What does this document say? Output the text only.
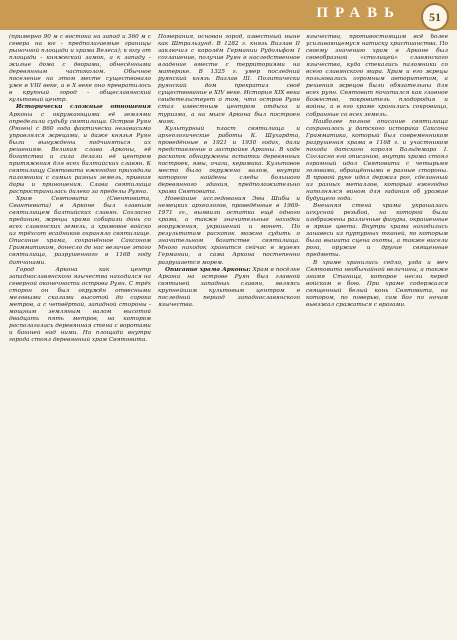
ПРАВЬ	51

(примерно 90 м с востока на запад и 360 м с севера на юг - предполагаемые границы рыночной площади и храма Велеса); к югу от площади - княжеский замок, а к западу - жилые дома с дворами, обнесёнными деревянным частоколом. Обычное поселение на этом месте существовало уже в VIII веке, а в X веке оно превратилось в крупный город - общеславянский культовый центр.

Исторически сложные отношения Арконы с окружающими её землями определили судьбу святилища. Остров Руян (Рюген) с 860 года фактически независимо управлялся жрецами, и даже князья Руян были вынуждены подчиняться их решениям. Великая слава Арконы, её богатства и сила делали её центром притяжения для всех балтийских славян. К святилищу Святовита ежегодно приходили паломники с самых разных земель, привозя дары и приношения. Слава святилища распространилась далеко за пределы Руяна.

Храм Святовита (Свентовита, Свантевита) в Арконе был главным святилищем балтийских славян. Согласно преданию, жрецы храма собирали дань со всех славянских земель, а храмовое войско из трёхсот всадников охраняло святилище. Описание храма, сохранённое Саксоном Грамматиком, донесло до нас величие этого святилища, разрушенного в 1168 году датчанами.

Город Аркона как центр западнославянского язычества находился на северной оконечности острова Руян. С трёх сторон он был окружён отвесными меловыми скалами высотой до сорока метров, а с четвёртой, западной стороны - мощным земляным валом высотой двадцать пять метров, на котором располагалась деревянная стена с воротами и башней над ними. На площади внутри города стоял деревянный храм Святовита.

Померания, основан город, известный ныне как Штральзунд. В 1282 г. князь Визлав II заключил с королём Германии Рудольфом I соглашение, получив Руян в наследственное владение вместе с территориями на материке. В 1325 г. умер последний руянский князь Визлав III. Политически руянский дом прекратил своё существование в XIV веке. История XIX века свидетельствует о том, что остров Руян стал известным центром отдыха и туризма, а на мысе Аркона был построен маяк.

Культурный пласт святилища и археологические работы К. Шухардта, проведённые в 1921 и 1930 годах, дали представление о застройке Арконы. В ходе раскопок обнаружены остатки деревянных построек, ямы, очаги, керамика. Культовое место было окружено валом, внутри которого найдены следы большого деревянного здания, предположительно храма Святовита.

Новейшие исследования Эвы Шибы и немецких археологов, проведённые в 1969-1971 гг., выявили остатки ещё одного храма, а также значительные находки вооружения, украшений и монет. По результатам раскопок можно судить о значительном богатстве святилища. Много находок хранится сейчас в музеях Германии, а сама Аркона постепенно разрушается морем.

Описание храма Арконы: Храм в посёлке Аркона на острове Руян был главной святыней западных славян, являясь крупнейшим культовым центром в последний период западнославянского язычества.

язычества, противостоящим всё более усиливающемуся натиску христианства. По своему значению храм в Арконе был своеобразной «столицей» славянского язычества, куда стекались паломники со всего славянского мира. Храм и его жрецы пользовались огромным авторитетом, а решения жрецов были обязательны для всех руян. Святовит почитался как главное божество, покровитель плодородия и войны, а в его храме хранились сокровища, собранные со всех земель.

Наиболее полное описание святилища сохранилось у датского историка Саксона Грамматика, который был современником разрушения храма в 1168 г. и участником похода датского короля Вальдемара I. Согласно его описанию, внутри храма стоял огромный идол Святовита с четырьмя головами, обращёнными в разные стороны. В правой руке идол держал рог, сделанный из разных металлов, который ежегодно наполнялся вином для гадания об урожае будущего года.

Внешняя стена храма украшалась искусной резьбой, на которой были изображены различные фигуры, окрашенные в яркие цвета. Внутри храма находились занавеси из пурпурных тканей, по которым была вышита сцена охоты, а также висели рога, оружие и другие священные предметы.

В храме хранились седло, узда и меч Святовита необычайной величины, а также знамя Станица, которое несли перед войском в бою. При храме содержался священный белый конь Святовита, на котором, по поверью, сам бог по ночам выезжал сражаться с врагами.
